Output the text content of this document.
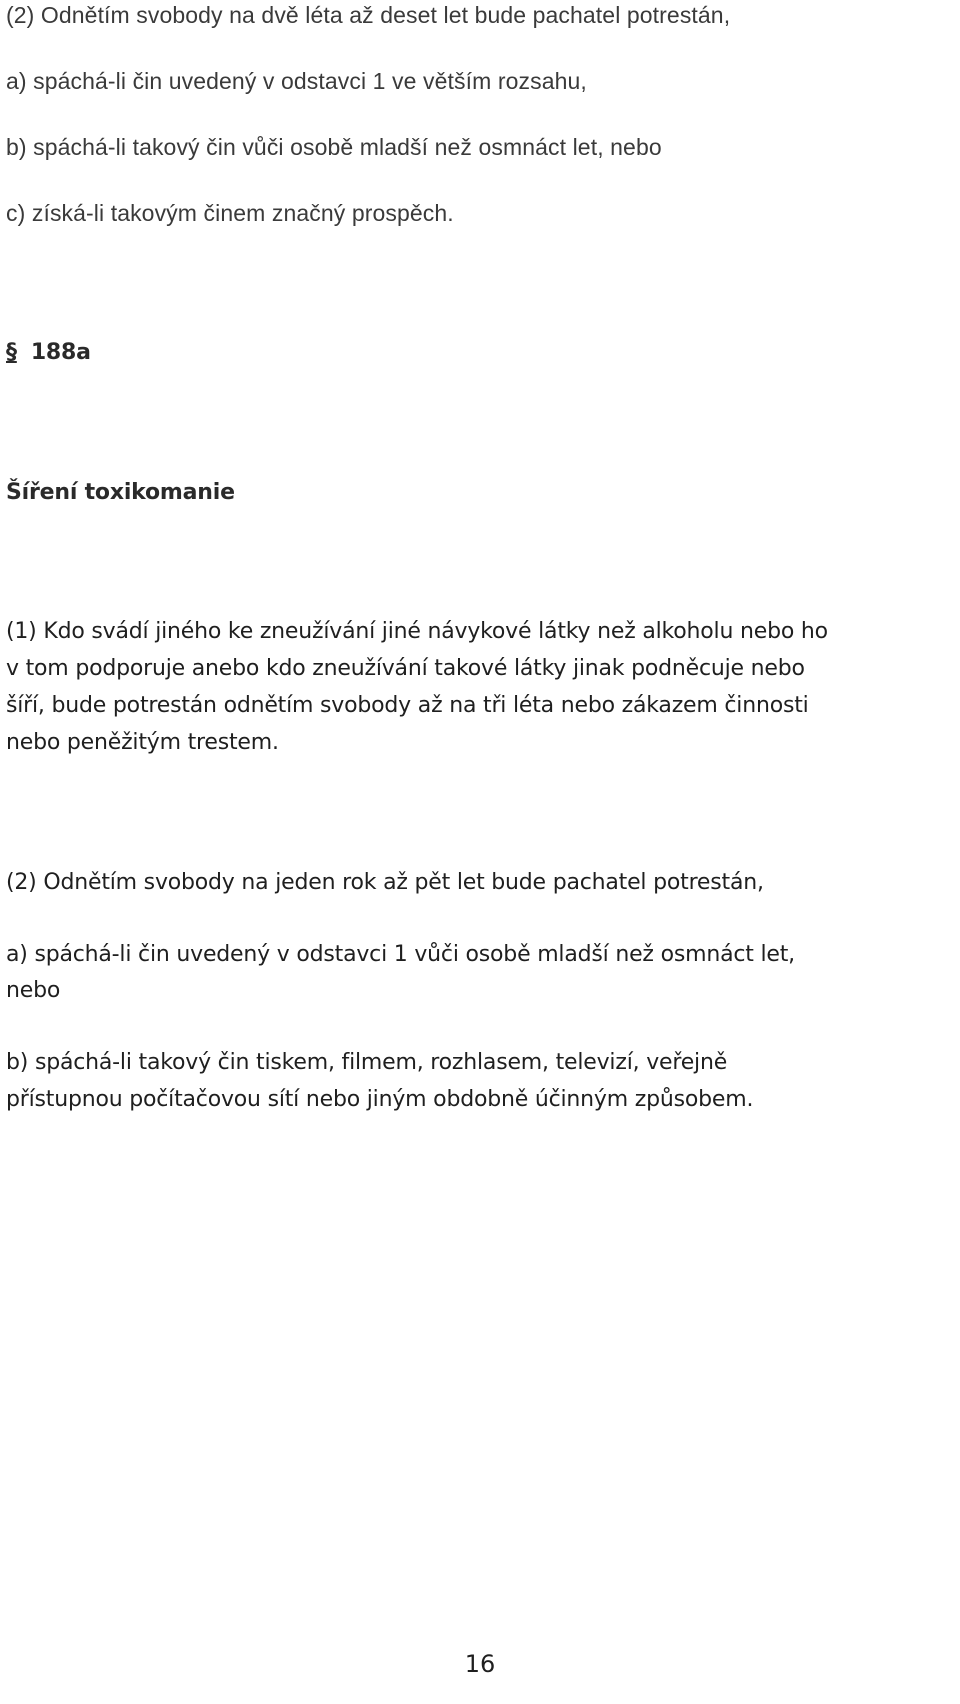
(2) Odnětím svobody na dvě léta až deset let bude pachatel potrestán,

a) spáchá-li čin uvedený v odstavci 1 ve větším rozsahu,

b) spáchá-li takový čin vůči osobě mladší než osmnáct let, nebo

c) získá-li takovým činem značný prospěch.

§ 188a

Šíření toxikomanie

(1) Kdo svádí jiného ke zneužívání jiné návykové látky než alkoholu nebo ho

v tom podporuje anebo kdo zneužívání takové látky jinak podněcuje nebo

šíří, bude potrestán odnětím svobody až na tři léta nebo zákazem činnosti

nebo peněžitým trestem.

(2) Odnětím svobody na jeden rok až pět let bude pachatel potrestán,

a) spáchá-li čin uvedený v odstavci 1 vůči osobě mladší než osmnáct let,

nebo

b) spáchá-li takový čin tiskem, filmem, rozhlasem, televizí, veřejně

přístupnou počítačovou sítí nebo jiným obdobně účinným způsobem.

16
